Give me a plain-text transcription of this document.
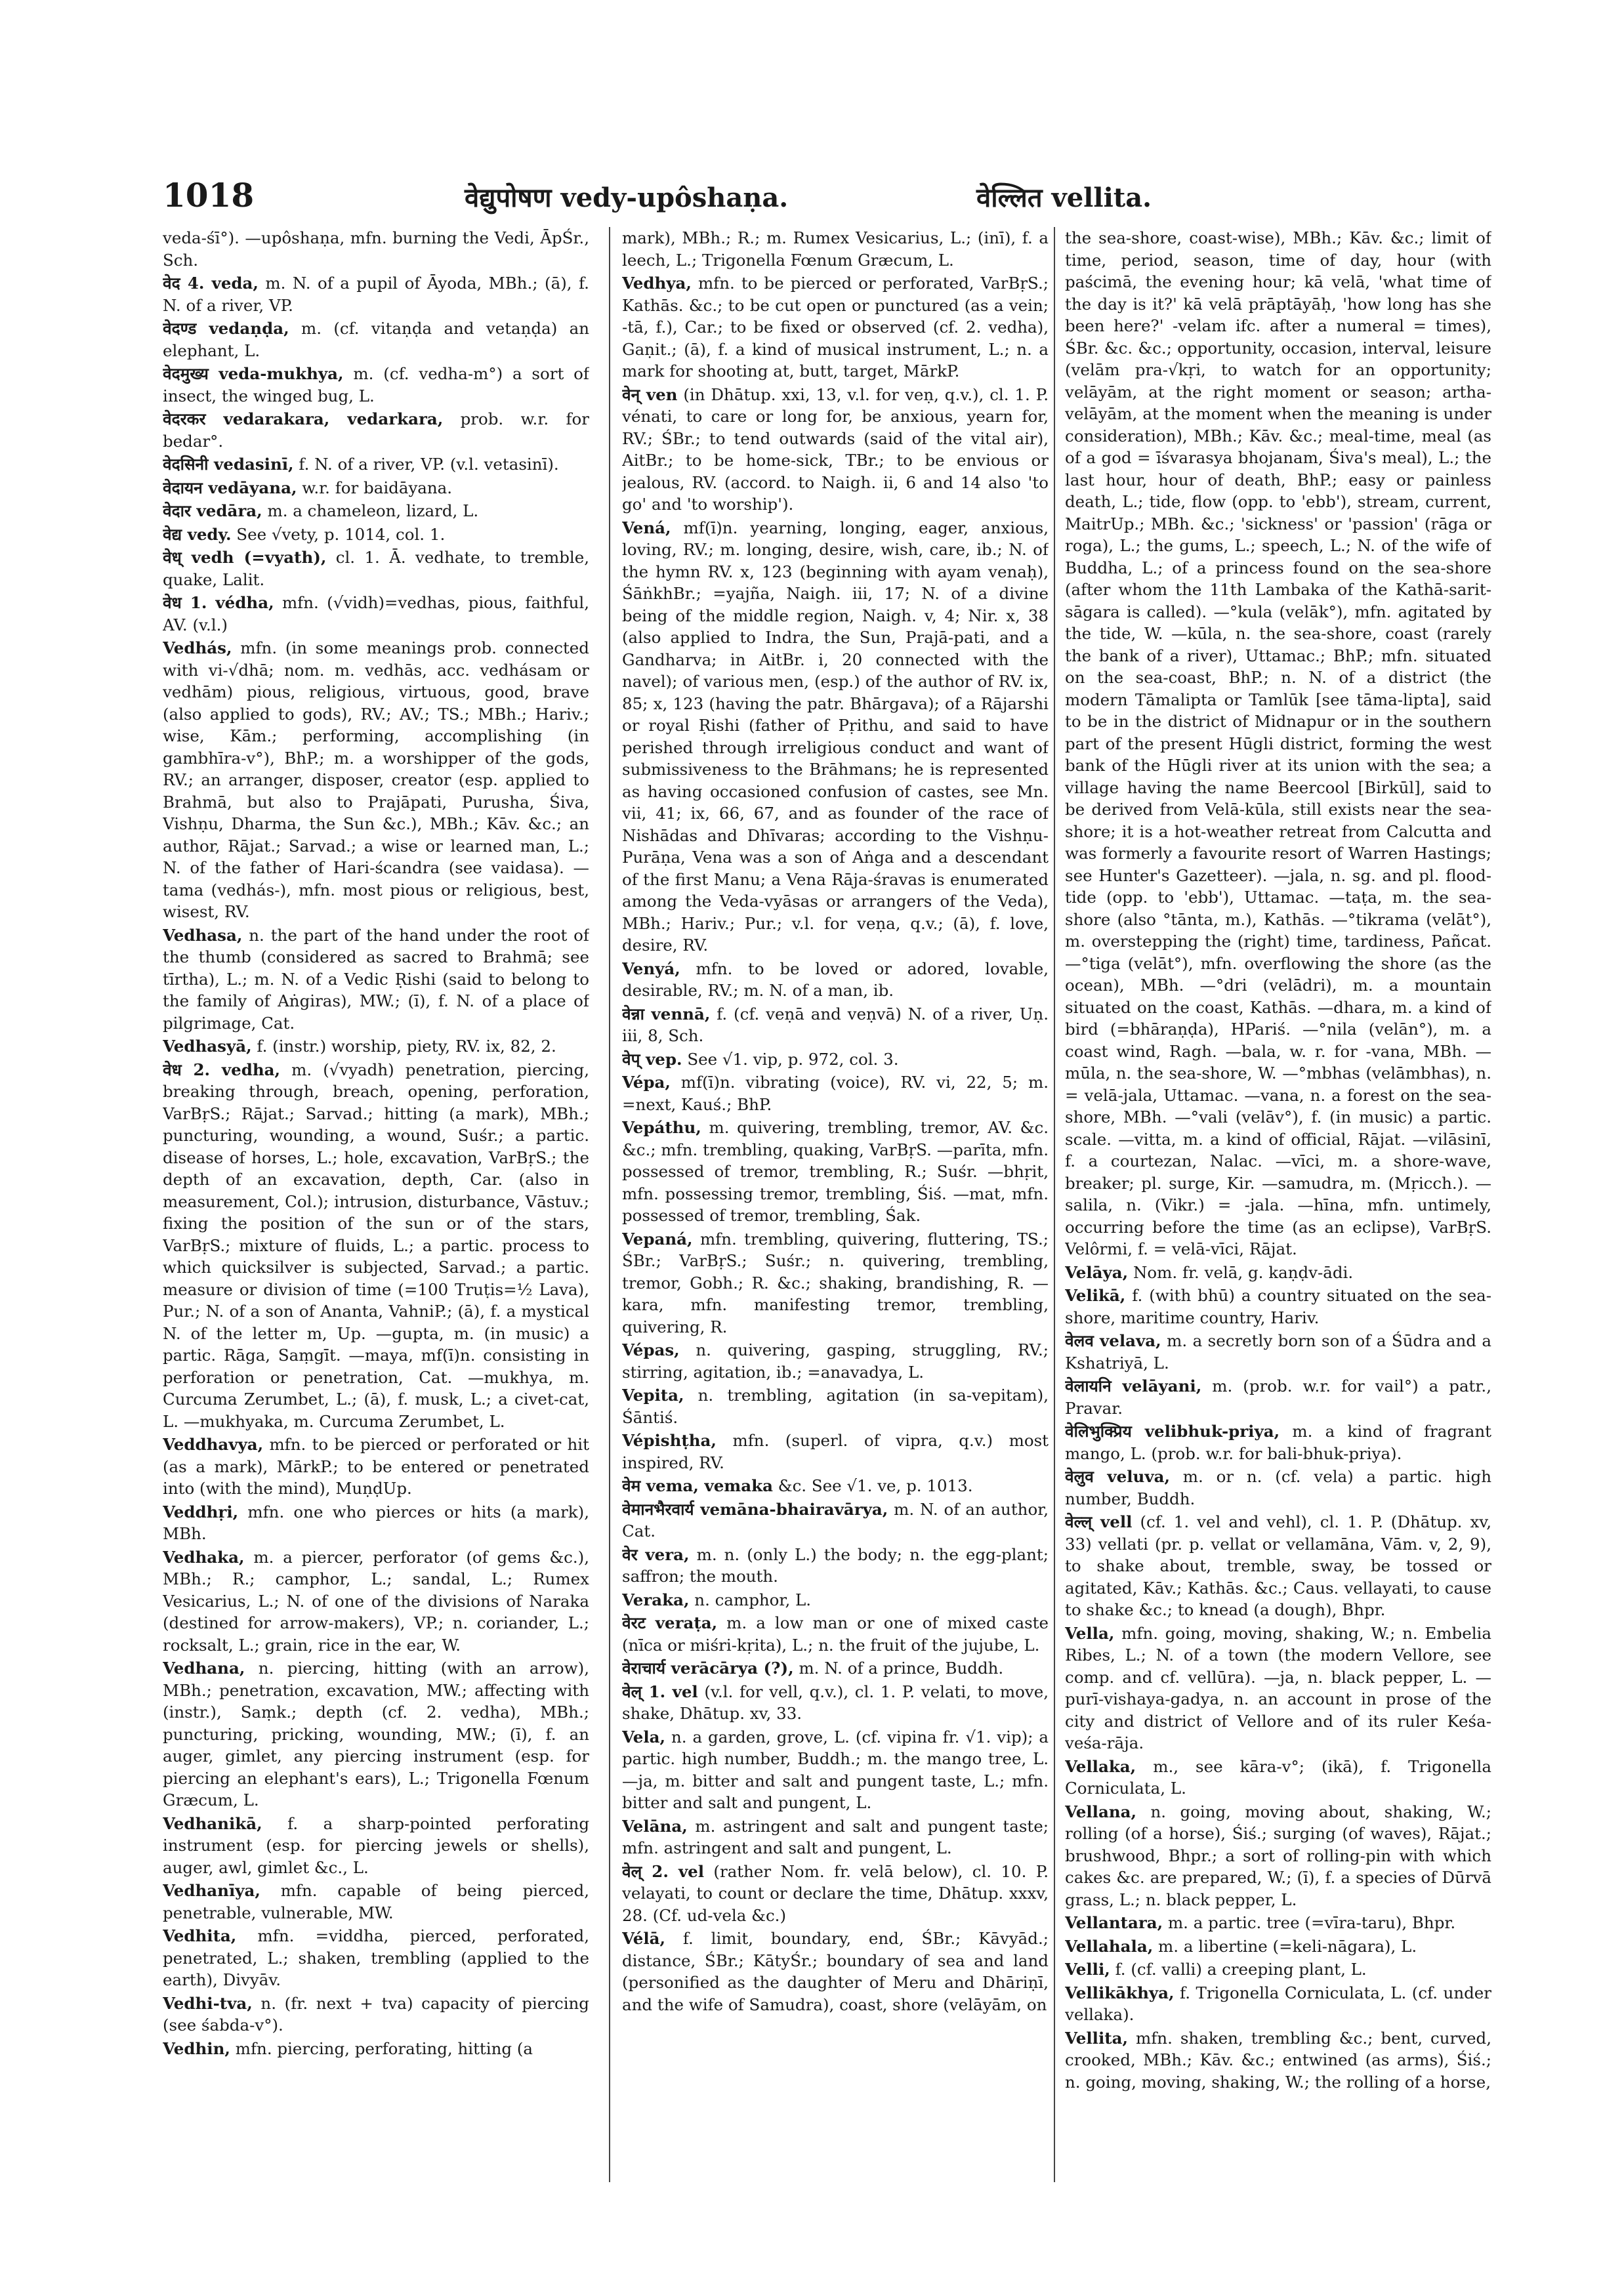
1018	वेद्युपोषण vedy-upôshaṇa.	वेल्लित vellita.

veda-śī°). —upôshaṇa, mfn. burning the Vedi, ĀpŚr., Sch.

वेद 4. veda, m. N. of a pupil of Āyoda, MBh.; (ā), f. N. of a river, VP.

वेदण्ड vedaṇḍa, m. (cf. vitaṇḍa and vetaṇḍa) an elephant, L.

वेदमुख्य veda-mukhya, m. (cf. vedha-m°) a sort of insect, the winged bug, L.

वेदरकर vedarakara, vedarkara, prob. w.r. for bedar°.

वेदसिनी vedasinī, f. N. of a river, VP. (v.l. vetasinī).

वेदायन vedāyana, w.r. for baidāyana.

वेदार vedāra, m. a chameleon, lizard, L.

वेद्य vedy. See √vety, p. 1014, col. 1.

वेध् vedh (=vyath), cl. 1. Ā. vedhate, to tremble, quake, Lalit.

वेध 1. védha, mfn. (√vidh)=vedhas, pious, faithful, AV. (v.l.)

Vedhás, mfn. (in some meanings prob. connected with vi-√dhā; nom. m. vedhās, acc. vedhásam or vedhām) pious, religious, virtuous, good, brave (also applied to gods), RV.; AV.; TS.; MBh.; Hariv.; wise, Kām.; performing, accomplishing (in gambhīra-v°), BhP.; m. a worshipper of the gods, RV.; an arranger, disposer, creator (esp. applied to Brahmā, but also to Prajāpati, Purusha, Śiva, Vishṇu, Dharma, the Sun &c.), MBh.; Kāv. &c.; an author, Rājat.; Sarvad.; a wise or learned man, L.; N. of the father of Hari-ścandra (see vaidasa). —tama (vedhás-), mfn. most pious or religious, best, wisest, RV.

Vedhasa, n. the part of the hand under the root of the thumb (considered as sacred to Brahmā; see tīrtha), L.; m. N. of a Vedic Ṛishi (said to belong to the family of Aṅgiras), MW.; (ī), f. N. of a place of pilgrimage, Cat.

Vedhasyā, f. (instr.) worship, piety, RV. ix, 82, 2.

वेध 2. vedha, m. (√vyadh) penetration, piercing, breaking through, breach, opening, perforation, VarBṛS.; Rājat.; Sarvad.; hitting (a mark), MBh.; puncturing, wounding, a wound, Suśr.; a partic. disease of horses, L.; hole, excavation, VarBṛS.; the depth of an excavation, depth, Car. (also in measurement, Col.); intrusion, disturbance, Vāstuv.; fixing the position of the sun or of the stars, VarBṛS.; mixture of fluids, L.; a partic. process to which quicksilver is subjected, Sarvad.; a partic. measure or division of time (=100 Truṭis=½ Lava), Pur.; N. of a son of Ananta, VahniP.; (ā), f. a mystical N. of the letter m, Up. —gupta, m. (in music) a partic. Rāga, Saṃgīt. —maya, mf(ī)n. consisting in perforation or penetration, Cat. —mukhya, m. Curcuma Zerumbet, L.; (ā), f. musk, L.; a civet-cat, L. —mukhyaka, m. Curcuma Zerumbet, L.

Veddhavya, mfn. to be pierced or perforated or hit (as a mark), MārkP.; to be entered or penetrated into (with the mind), MuṇḍUp.

Veddhṛi, mfn. one who pierces or hits (a mark), MBh.

Vedhaka, m. a piercer, perforator (of gems &c.), MBh.; R.; camphor, L.; sandal, L.; Rumex Vesicarius, L.; N. of one of the divisions of Naraka (destined for arrow-makers), VP.; n. coriander, L.; rocksalt, L.; grain, rice in the ear, W.

Vedhana, n. piercing, hitting (with an arrow), MBh.; penetration, excavation, MW.; affecting with (instr.), Saṃk.; depth (cf. 2. vedha), MBh.; puncturing, pricking, wounding, MW.; (ī), f. an auger, gimlet, any piercing instrument (esp. for piercing an elephant's ears), L.; Trigonella Fœnum Græcum, L.

Vedhanikā, f. a sharp-pointed perforating instrument (esp. for piercing jewels or shells), auger, awl, gimlet &c., L.

Vedhanīya, mfn. capable of being pierced, penetrable, vulnerable, MW.

Vedhita, mfn. =viddha, pierced, perforated, penetrated, L.; shaken, trembling (applied to the earth), Divyāv.

Vedhi-tva, n. (fr. next + tva) capacity of piercing (see śabda-v°).

Vedhin, mfn. piercing, perforating, hitting (a

mark), MBh.; R.; m. Rumex Vesicarius, L.; (inī), f. a leech, L.; Trigonella Fœnum Græcum, L.

Vedhya, mfn. to be pierced or perforated, VarBṛS.; Kathās. &c.; to be cut open or punctured (as a vein; -tā, f.), Car.; to be fixed or observed (cf. 2. vedha), Gaṇit.; (ā), f. a kind of musical instrument, L.; n. a mark for shooting at, butt, target, MārkP.

वेन् ven (in Dhātup. xxi, 13, v.l. for veṇ, q.v.), cl. 1. P. vénati, to care or long for, be anxious, yearn for, RV.; ŚBr.; to tend outwards (said of the vital air), AitBr.; to be home-sick, TBr.; to be envious or jealous, RV. (accord. to Naigh. ii, 6 and 14 also 'to go' and 'to worship').

Vená, mf(ī)n. yearning, longing, eager, anxious, loving, RV.; m. longing, desire, wish, care, ib.; N. of the hymn RV. x, 123 (beginning with ayam venaḥ), ŚāṅkhBr.; =yajña, Naigh. iii, 17; N. of a divine being of the middle region, Naigh. v, 4; Nir. x, 38 (also applied to Indra, the Sun, Prajā-pati, and a Gandharva; in AitBr. i, 20 connected with the navel); of various men, (esp.) of the author of RV. ix, 85; x, 123 (having the patr. Bhārgava); of a Rājarshi or royal Ṛishi (father of Pṛithu, and said to have perished through irreligious conduct and want of submissiveness to the Brāhmans; he is represented as having occasioned confusion of castes, see Mn. vii, 41; ix, 66, 67, and as founder of the race of Nishādas and Dhīvaras; according to the Vishṇu-Purāṇa, Vena was a son of Aṅga and a descendant of the first Manu; a Vena Rāja-śravas is enumerated among the Veda-vyāsas or arrangers of the Veda), MBh.; Hariv.; Pur.; v.l. for veṇa, q.v.; (ā), f. love, desire, RV.

Venyá, mfn. to be loved or adored, lovable, desirable, RV.; m. N. of a man, ib.

वेन्ना vennā, f. (cf. veṇā and veṇvā) N. of a river, Uṇ. iii, 8, Sch.

वेप् vep. See √1. vip, p. 972, col. 3.

Vépa, mf(ī)n. vibrating (voice), RV. vi, 22, 5; m. =next, Kauś.; BhP.

Vepáthu, m. quivering, trembling, tremor, AV. &c. &c.; mfn. trembling, quaking, VarBṛS. —parīta, mfn. possessed of tremor, trembling, R.; Suśr. —bhṛit, mfn. possessing tremor, trembling, Śiś. —mat, mfn. possessed of tremor, trembling, Śak.

Vepaná, mfn. trembling, quivering, fluttering, TS.; ŚBr.; VarBṛS.; Suśr.; n. quivering, trembling, tremor, Gobh.; R. &c.; shaking, brandishing, R. —kara, mfn. manifesting tremor, trembling, quivering, R.

Vépas, n. quivering, gasping, struggling, RV.; stirring, agitation, ib.; =anavadya, L.

Vepita, n. trembling, agitation (in sa-vepitam), Śāntiś.

Vépishṭha, mfn. (superl. of vipra, q.v.) most inspired, RV.

वेम vema, vemaka &c. See √1. ve, p. 1013.

वेमानभैरवार्य vemāna-bhairavārya, m. N. of an author, Cat.

वेर vera, m. n. (only L.) the body; n. the egg-plant; saffron; the mouth.

Veraka, n. camphor, L.

वेरट veraṭa, m. a low man or one of mixed caste (nīca or miśri-kṛita), L.; n. the fruit of the jujube, L.

वेराचार्य verācārya (?), m. N. of a prince, Buddh.

वेल् 1. vel (v.l. for vell, q.v.), cl. 1. P. velati, to move, shake, Dhātup. xv, 33.

Vela, n. a garden, grove, L. (cf. vipina fr. √1. vip); a partic. high number, Buddh.; m. the mango tree, L. —ja, m. bitter and salt and pungent taste, L.; mfn. bitter and salt and pungent, L.

Velāna, m. astringent and salt and pungent taste; mfn. astringent and salt and pungent, L.

वेल् 2. vel (rather Nom. fr. velā below), cl. 10. P. velayati, to count or declare the time, Dhātup. xxxv, 28. (Cf. ud-vela &c.)

Vélā, f. limit, boundary, end, ŚBr.; Kāvyād.; distance, ŚBr.; KātyŚr.; boundary of sea and land (personified as the daughter of Meru and Dhāriṇī, and the wife of Samudra), coast, shore (velāyām, on

the sea-shore, coast-wise), MBh.; Kāv. &c.; limit of time, period, season, time of day, hour (with paścimā, the evening hour; kā velā, 'what time of the day is it?' kā velā prāptāyāḥ, 'how long has she been here?' -velam ifc. after a numeral = times), ŚBr. &c. &c.; opportunity, occasion, interval, leisure (velām pra-√kṛi, to watch for an opportunity; velāyām, at the right moment or season; artha-velāyām, at the moment when the meaning is under consideration), MBh.; Kāv. &c.; meal-time, meal (as of a god = īśvarasya bhojanam, Śiva's meal), L.; the last hour, hour of death, BhP.; easy or painless death, L.; tide, flow (opp. to 'ebb'), stream, current, MaitrUp.; MBh. &c.; 'sickness' or 'passion' (rāga or roga), L.; the gums, L.; speech, L.; N. of the wife of Buddha, L.; of a princess found on the sea-shore (after whom the 11th Lambaka of the Kathā-sarit-sāgara is called). —°kula (velāk°), mfn. agitated by the tide, W. —kūla, n. the sea-shore, coast (rarely the bank of a river), Uttamac.; BhP.; mfn. situated on the sea-coast, BhP.; n. N. of a district (the modern Tāmalipta or Tamlūk [see tāma-lipta], said to be in the district of Midnapur or in the southern part of the present Hūgli district, forming the west bank of the Hūgli river at its union with the sea; a village having the name Beercool [Birkūl], said to be derived from Velā-kūla, still exists near the sea-shore; it is a hot-weather retreat from Calcutta and was formerly a favourite resort of Warren Hastings; see Hunter's Gazetteer). —jala, n. sg. and pl. flood-tide (opp. to 'ebb'), Uttamac. —taṭa, m. the sea-shore (also °tānta, m.), Kathās. —°tikrama (velāt°), m. overstepping the (right) time, tardiness, Pañcat. —°tiga (velāt°), mfn. overflowing the shore (as the ocean), MBh. —°dri (velādri), m. a mountain situated on the coast, Kathās. —dhara, m. a kind of bird (=bhāraṇḍa), HPariś. —°nila (velān°), m. a coast wind, Ragh. —bala, w. r. for -vana, MBh. —mūla, n. the sea-shore, W. —°mbhas (velāmbhas), n. = velā-jala, Uttamac. —vana, n. a forest on the sea-shore, MBh. —°vali (velāv°), f. (in music) a partic. scale. —vitta, m. a kind of official, Rājat. —vilāsinī, f. a courtezan, Nalac. —vīci, m. a shore-wave, breaker; pl. surge, Kir. —samudra, m. (Mṛicch.). —salila, n. (Vikr.) = -jala. —hīna, mfn. untimely, occurring before the time (as an eclipse), VarBṛS. Velôrmi, f. = velā-vīci, Rājat.

Velāya, Nom. fr. velā, g. kaṇḍv-ādi.

Velikā, f. (with bhū) a country situated on the sea-shore, maritime country, Hariv.

वेलव velava, m. a secretly born son of a Śūdra and a Kshatriyā, L.

वेलायनि velāyani, m. (prob. w.r. for vail°) a patr., Pravar.

वेलिभुक्प्रिय velibhuk-priya, m. a kind of fragrant mango, L. (prob. w.r. for bali-bhuk-priya).

वेलुव veluva, m. or n. (cf. vela) a partic. high number, Buddh.

वेल्ल् vell (cf. 1. vel and vehl), cl. 1. P. (Dhātup. xv, 33) vellati (pr. p. vellat or vellamāna, Vām. v, 2, 9), to shake about, tremble, sway, be tossed or agitated, Kāv.; Kathās. &c.; Caus. vellayati, to cause to shake &c.; to knead (a dough), Bhpr.

Vella, mfn. going, moving, shaking, W.; n. Embelia Ribes, L.; N. of a town (the modern Vellore, see comp. and cf. vellūra). —ja, n. black pepper, L. —purī-vishaya-gadya, n. an account in prose of the city and district of Vellore and of its ruler Keśa-veśa-rāja.

Vellaka, m., see kāra-v°; (ikā), f. Trigonella Corniculata, L.

Vellana, n. going, moving about, shaking, W.; rolling (of a horse), Śiś.; surging (of waves), Rājat.; brushwood, Bhpr.; a sort of rolling-pin with which cakes &c. are prepared, W.; (ī), f. a species of Dūrvā grass, L.; n. black pepper, L.

Vellantara, m. a partic. tree (=vīra-taru), Bhpr.

Vellahala, m. a libertine (=keli-nāgara), L.

Velli, f. (cf. valli) a creeping plant, L.

Vellikākhya, f. Trigonella Corniculata, L. (cf. under vellaka).

Vellita, mfn. shaken, trembling &c.; bent, curved, crooked, MBh.; Kāv. &c.; entwined (as arms), Śiś.; n. going, moving, shaking, W.; the rolling of a horse,
